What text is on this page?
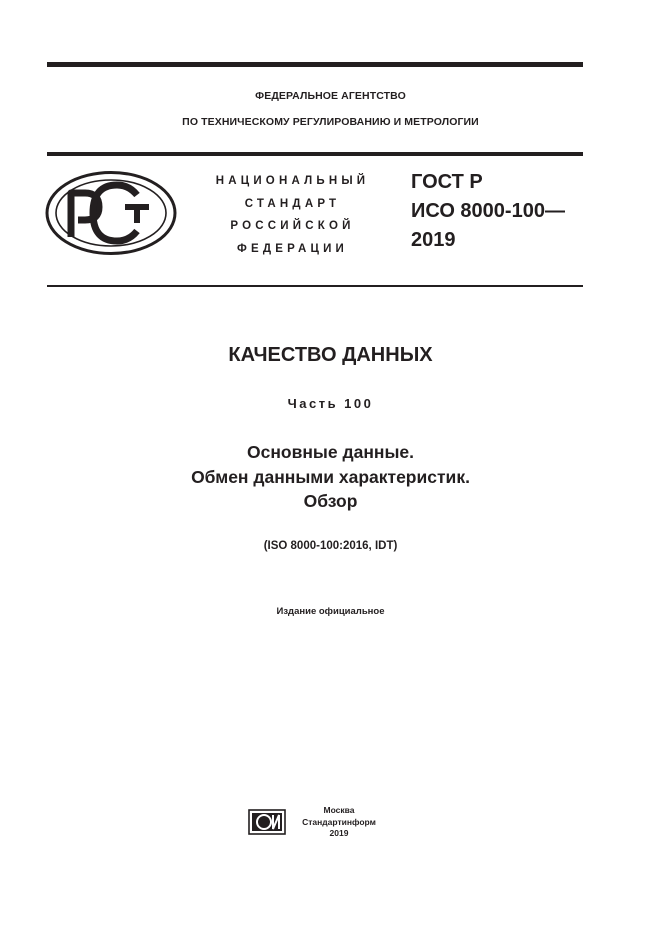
ФЕДЕРАЛЬНОЕ АГЕНТСТВО
ПО ТЕХНИЧЕСКОМУ РЕГУЛИРОВАНИЮ И МЕТРОЛОГИИ
НАЦИОНАЛЬНЫЙ
СТАНДАРТ
РОССИЙСКОЙ
ФЕДЕРАЦИИ
ГОСТ Р
ИСО 8000-100—
2019
КАЧЕСТВО ДАННЫХ
Часть 100
Основные данные.
Обмен данными характеристик.
Обзор
(ISO 8000-100:2016, IDT)
Издание официальное
Москва
Стандартинформ
2019
